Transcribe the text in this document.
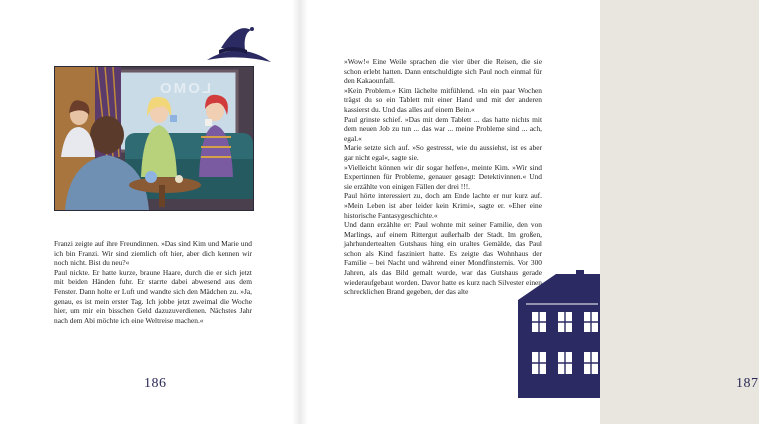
LOMO

Franzi zeigte auf ihre Freundinnen. »Das sind Kim und Marie und ich bin Franzi. Wir sind ziemlich oft hier, aber dich kennen wir noch nicht. Bist du neu?«

Paul nickte. Er hatte kurze, braune Haare, durch die er sich jetzt mit beiden Händen fuhr. Er starrte dabei abwesend aus dem Fenster. Dann holte er Luft und wandte sich den Mädchen zu. »Ja, genau, es ist mein erster Tag. Ich jobbe jetzt zweimal die Woche hier, um mir ein bisschen Geld dazuzuverdienen. Nächstes Jahr nach dem Abi möchte ich eine Weltreise machen.«

186	187

»Wow!« Eine Weile sprachen die vier über die Reisen, die sie schon erlebt hatten. Dann entschuldigte sich Paul noch einmal für den Kakaounfall.

»Kein Problem.« Kim lächelte mitfühlend. »In ein paar Wochen trägst du so ein Tablett mit einer Hand und mit der anderen kassierst du. Und das alles auf einem Bein.«

Paul grinste schief. »Das mit dem Tablett ... das hatte nichts mit dem neuen Job zu tun ... das war ... meine Probleme sind ... ach, egal.«

Marie setzte sich auf. »So gestresst, wie du aussiehst, ist es aber gar nicht egal«, sagte sie.

»Vielleicht können wir dir sogar helfen«, meinte Kim. »Wir sind Expertinnen für Probleme, genauer gesagt: Detektivinnen.« Und sie erzählte von einigen Fällen der drei !!!.

Paul hörte interessiert zu, doch am Ende lachte er nur kurz auf. »Mein Leben ist aber leider kein Krimi«, sagte er. »Eher eine historische Fantasygeschichte.«

Und dann erzählte er: Paul wohnte mit seiner Familie, den von Marlings, auf einem Rittergut außerhalb der Stadt. Im großen, jahrhundertealten Gutshaus hing ein uraltes Gemälde, das Paul schon als Kind fasziniert hatte. Es zeigte das Wohnhaus der Familie – bei Nacht und während einer Mondfinsternis. Vor 300 Jahren, als das Bild gemalt wurde, war das Gutshaus gerade wiederaufgebaut worden. Davor hatte es kurz nach Silvester einen schrecklichen Brand gegeben, der das alte
